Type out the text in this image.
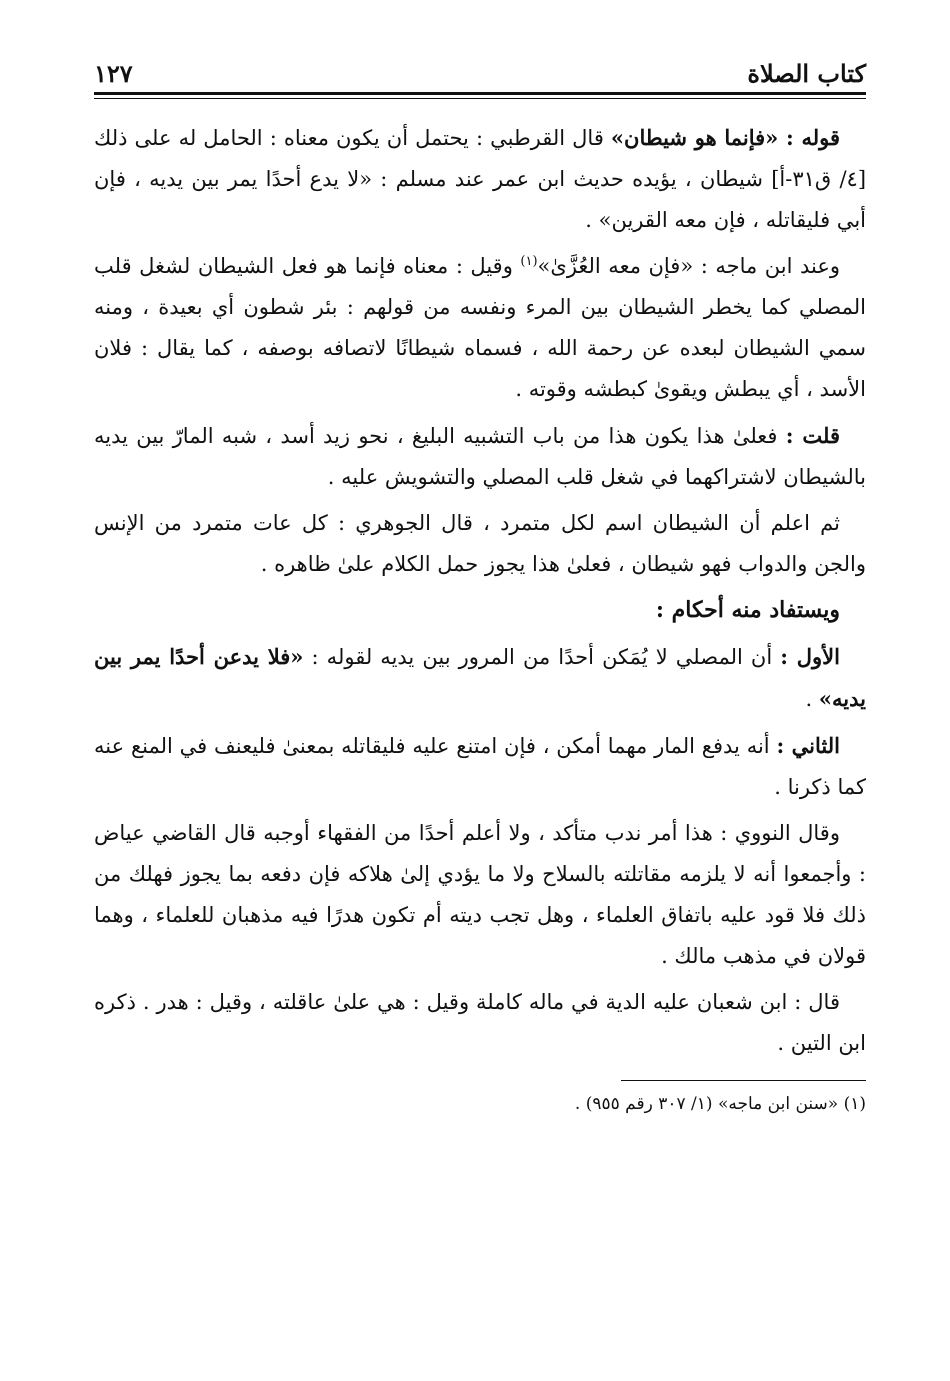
كتاب الصلاة
١٢٧

قوله : «فإنما هو شيطان» قال القرطبي : يحتمل أن يكون معناه : الحامل له على ذلك [٤/ ق٣١-أ] شيطان ، يؤيده حديث ابن عمر عند مسلم : «لا يدع أحدًا يمر بين يديه ، فإن أبي فليقاتله ، فإن معه القرين» .

وعند ابن ماجه : «فإن معه العُزَّىٰ»$^{(١)}$ وقيل : معناه فإنما هو فعل الشيطان لشغل قلب المصلي كما يخطر الشيطان بين المرء ونفسه من قولهم : بئر شطون أي بعيدة ، ومنه سمي الشيطان لبعده عن رحمة الله ، فسماه شيطانًا لاتصافه بوصفه ، كما يقال : فلان الأسد ، أي يبطش ويقوىٰ كبطشه وقوته .

قلت : فعلىٰ هذا يكون هذا من باب التشبيه البليغ ، نحو زيد أسد ، شبه المارّ بين يديه بالشيطان لاشتراكهما في شغل قلب المصلي والتشويش عليه .

ثم اعلم أن الشيطان اسم لكل متمرد ، قال الجوهري : كل عات متمرد من الإنس والجن والدواب فهو شيطان ، فعلىٰ هذا يجوز حمل الكلام علىٰ ظاهره .

ويستفاد منه أحكام :

الأول : أن المصلي لا يُمَكن أحدًا من المرور بين يديه لقوله : «فلا يدعن أحدًا يمر بين يديه» .

الثاني : أنه يدفع المار مهما أمكن ، فإن امتنع عليه فليقاتله بمعنىٰ فليعنف في المنع عنه كما ذكرنا .

وقال النووي : هذا أمر ندب متأكد ، ولا أعلم أحدًا من الفقهاء أوجبه قال القاضي عياض : وأجمعوا أنه لا يلزمه مقاتلته بالسلاح ولا ما يؤدي إلىٰ هلاكه فإن دفعه بما يجوز فهلك من ذلك فلا قود عليه باتفاق العلماء ، وهل تجب ديته أم تكون هدرًا فيه مذهبان للعلماء ، وهما قولان في مذهب مالك .

قال : ابن شعبان عليه الدية في ماله كاملة وقيل : هي علىٰ عاقلته ، وقيل : هدر . ذكره ابن التين .

(١) «سنن ابن ماجه» (١/ ٣٠٧ رقم ٩٥٥) .
